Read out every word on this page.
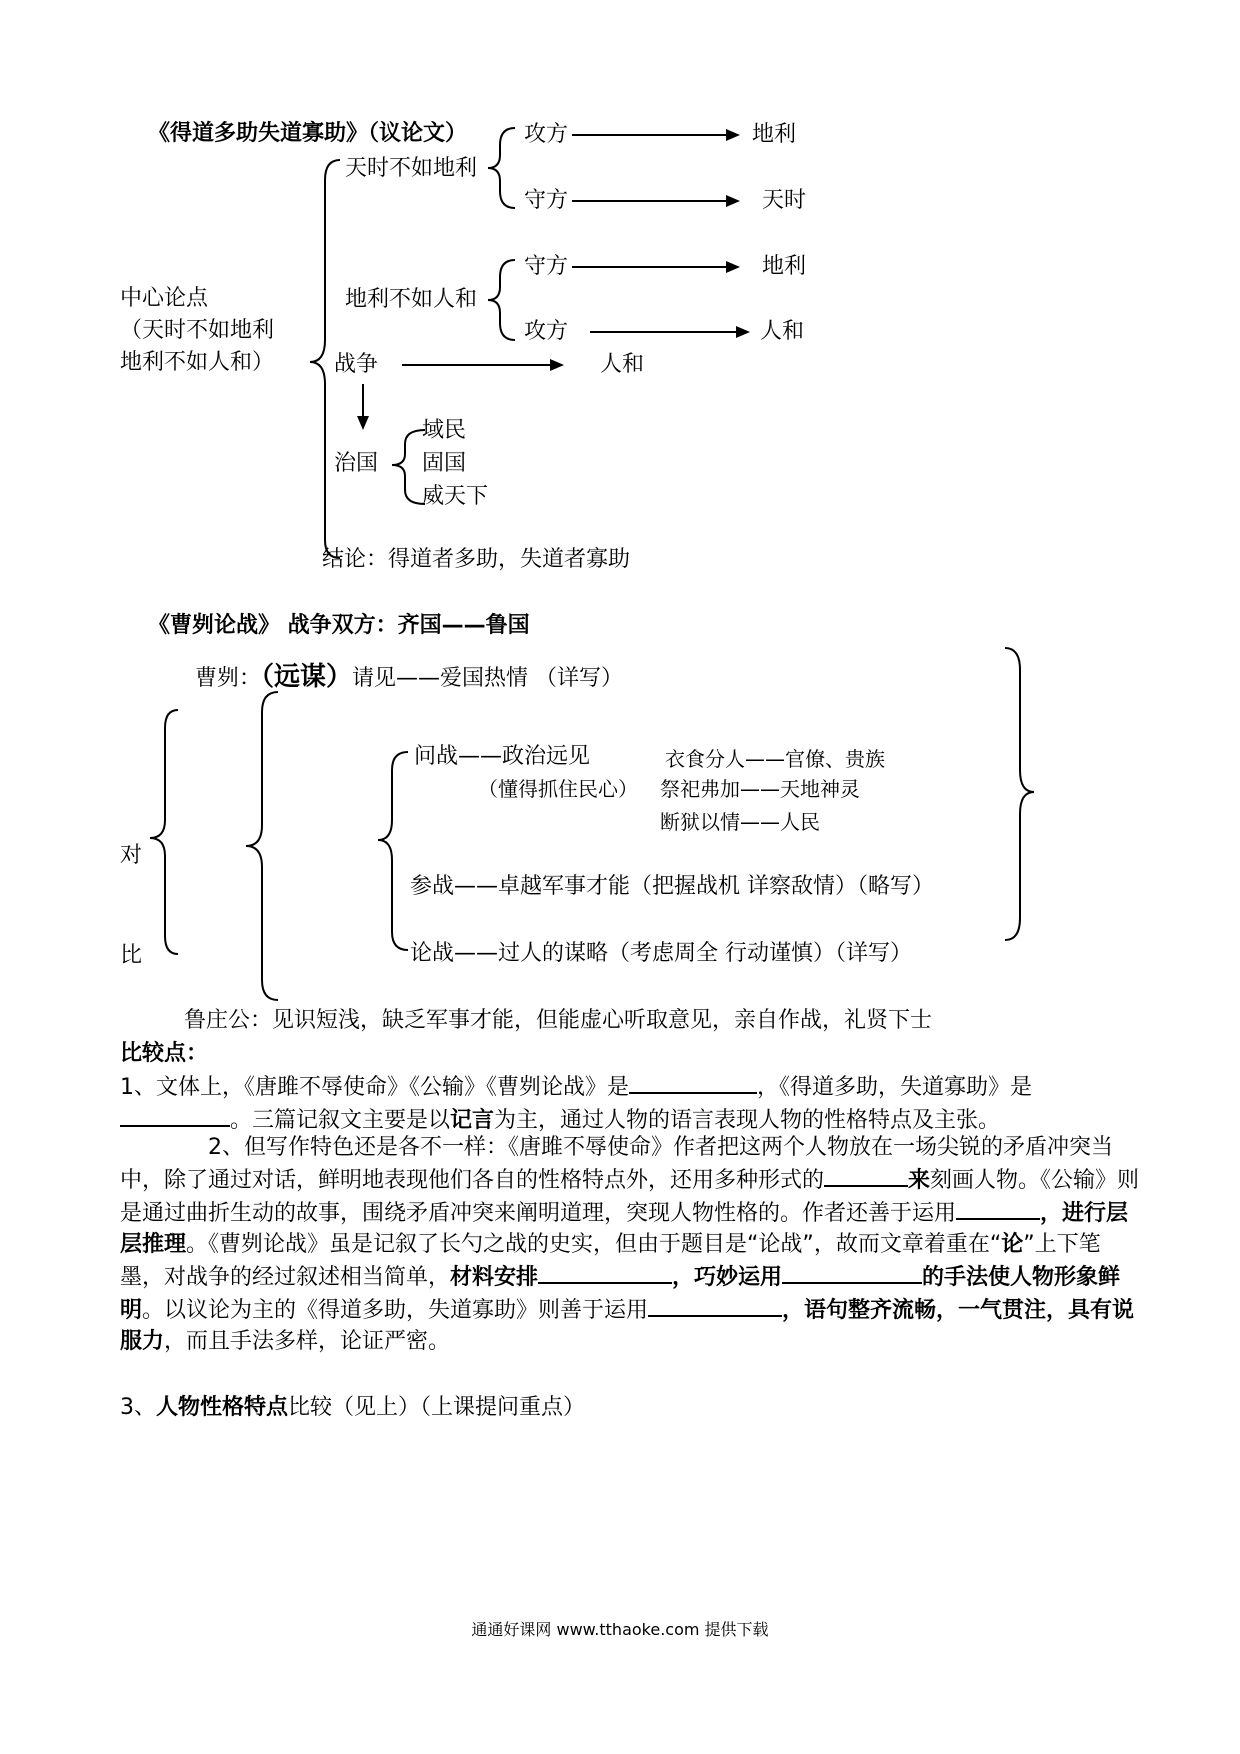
《得道多助失道寡助》（议论文）
中心论点
（天时不如地利
地利不如人和）
天时不如地利
攻方	地利
守方	天时
地利不如人和
守方	地利
攻方	人和
战争	人和
治国
域民
固国
威天下
结论：得道者多助，失道者寡助
《曹刿论战》 战争双方：齐国——鲁国
曹刿：（远谋）请见——爱国热情 （详写）
问战——政治远见
（懂得抓住民心）
衣食分人——官僚、贵族
祭祀弗加——天地神灵
断狱以情——人民
参战——卓越军事才能（把握战机 详察敌情）（略写）
论战——过人的谋略（考虑周全 行动谨慎）（详写）
对
比
鲁庄公：见识短浅，缺乏军事才能，但能虚心听取意见，亲自作战，礼贤下士
比较点：
1、文体上，《唐雎不辱使命》《公输》《曹刿论战》是	，《得道多助，失道寡助》是。三篇记叙文主要是以记言为主，通过人物的语言表现人物的性格特点及主张。
2、但写作特色还是各不一样：《唐雎不辱使命》作者把这两个人物放在一场尖锐的矛盾冲突当中，除了通过对话，鲜明地表现他们各自的性格特点外，还用多种形式的	来刻画人物。《公输》则是通过曲折生动的故事，围绕矛盾冲突来阐明道理，突现人物性格的。作者还善于运用	，进行层层推理。《曹刿论战》虽是记叙了长勺之战的史实，但由于题目是“论战”，故而文章着重在“论”上下笔墨，对战争的经过叙述相当简单，材料安排	，巧妙运用	的手法使人物形象鲜明。以议论为主的《得道多助，失道寡助》则善于运用	，语句整齐流畅，一气贯注，具有说服力，而且手法多样，论证严密。
3、人物性格特点比较（见上）（上课提问重点）
通通好课网 www.tthaoke.com 提供下载
